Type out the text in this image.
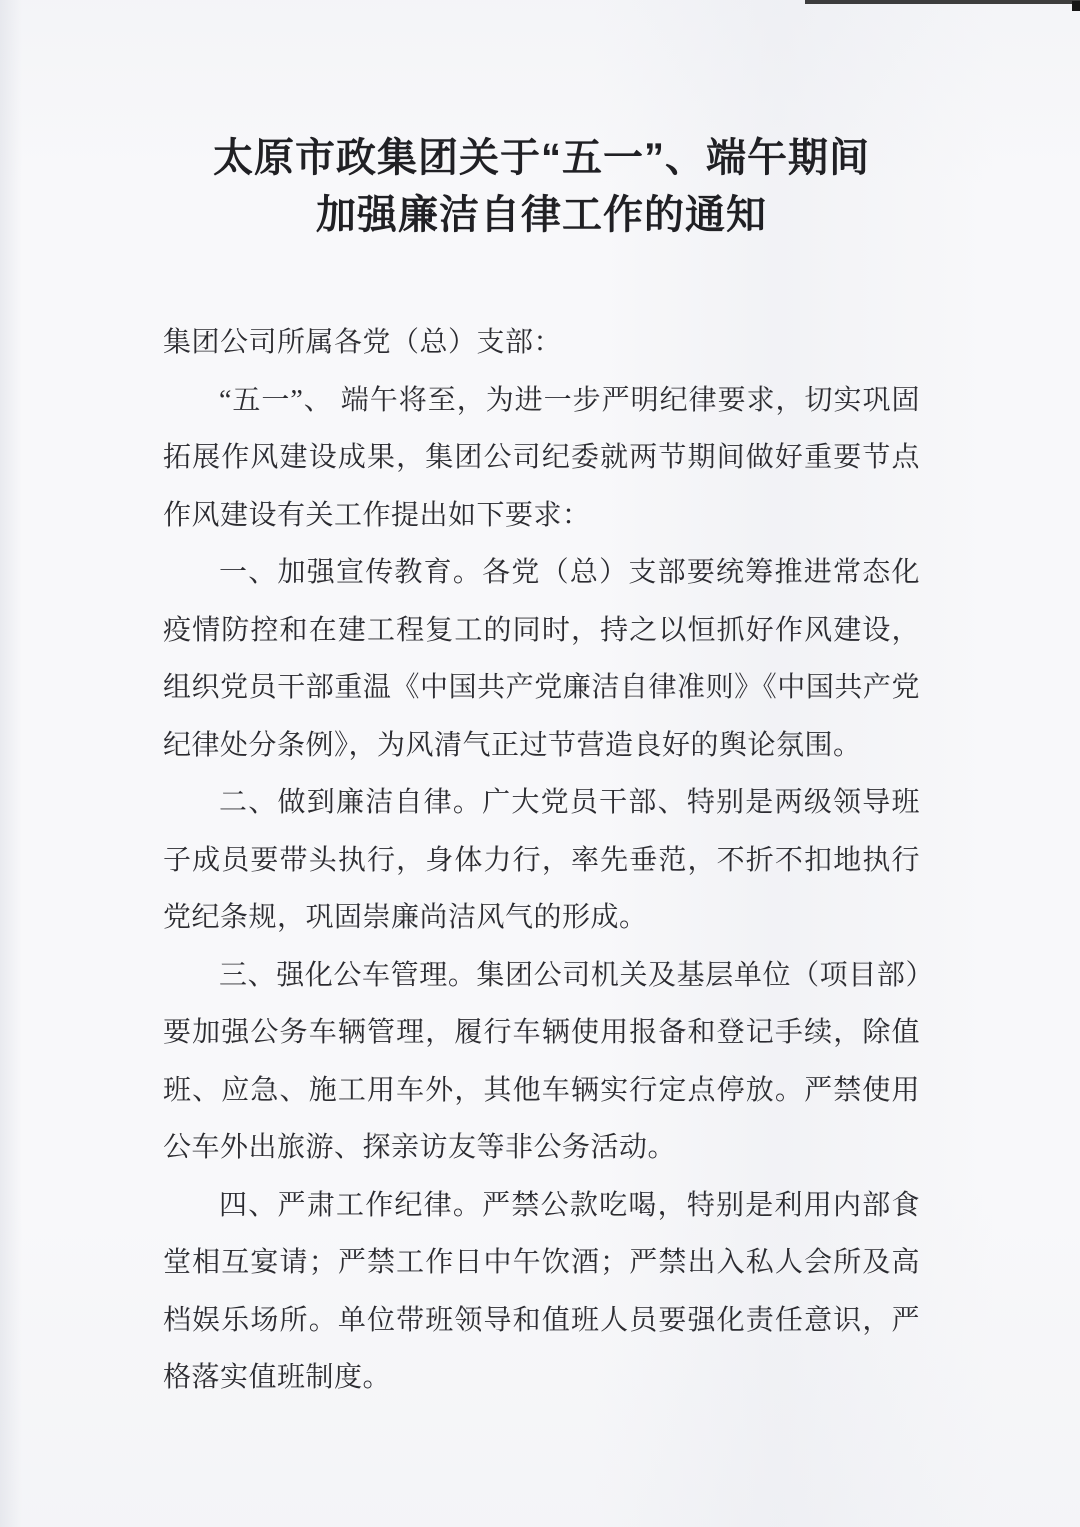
太原市政集团关于“五一”、端午期间
加强廉洁自律工作的通知

集团公司所属各党（总）支部：

“五一”、 端午将至，为进一步严明纪律要求，切实巩固拓展作风建设成果，集团公司纪委就两节期间做好重要节点作风建设有关工作提出如下要求：

一、加强宣传教育。各党（总）支部要统筹推进常态化疫情防控和在建工程复工的同时，持之以恒抓好作风建设，组织党员干部重温《中国共产党廉洁自律准则》《中国共产党纪律处分条例》，为风清气正过节营造良好的舆论氛围。

二、做到廉洁自律。广大党员干部、特别是两级领导班子成员要带头执行，身体力行，率先垂范，不折不扣地执行党纪条规，巩固崇廉尚洁风气的形成。

三、强化公车管理。集团公司机关及基层单位（项目部）要加强公务车辆管理，履行车辆使用报备和登记手续，除值班、应急、施工用车外，其他车辆实行定点停放。严禁使用公车外出旅游、探亲访友等非公务活动。

四、严肃工作纪律。严禁公款吃喝，特别是利用内部食堂相互宴请；严禁工作日中午饮酒；严禁出入私人会所及高档娱乐场所。单位带班领导和值班人员要强化责任意识，严格落实值班制度。
